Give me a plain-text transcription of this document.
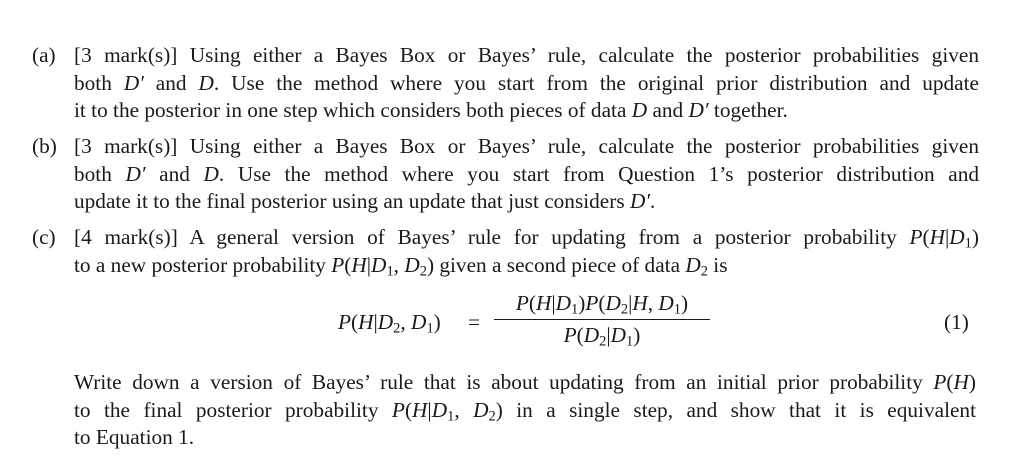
(a) [3 mark(s)] Using either a Bayes Box or Bayes’ rule, calculate the posterior probabilities given
both D′ and D. Use the method where you start from the original prior distribution and update
it to the posterior in one step which considers both pieces of data D and D′ together.
(b) [3 mark(s)] Using either a Bayes Box or Bayes’ rule, calculate the posterior probabilities given
both D′ and D. Use the method where you start from Question 1’s posterior distribution and
update it to the final posterior using an update that just considers D′.
(c) [4 mark(s)] A general version of Bayes’ rule for updating from a posterior probability $P(H|D_1)$
to a new posterior probability $P(H|D_1$, $D_2$) given a second piece of data $D_2$ is
$P(H|D_2$, $D_1$) =
$P(H|D_1)P(D_2|H$, $D_1$)
$P(D_2|D_1)$
(1)
Write down a version of Bayes’ rule that is about updating from an initial prior probability P(H)
to the final posterior probability $P(H|D_1$, $D_2$) in a single step, and show that it is equivalent
to Equation 1.
